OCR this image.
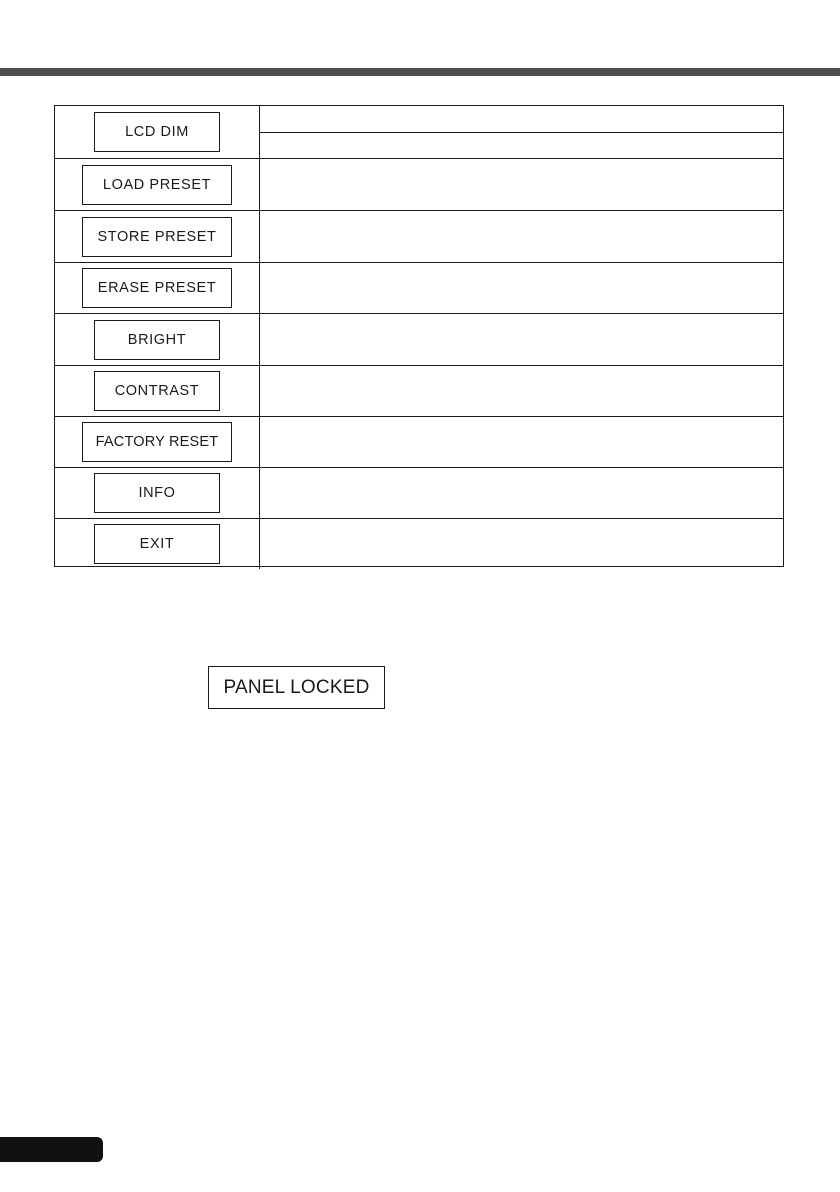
LCD DIM
LOAD PRESET
STORE PRESET
ERASE PRESET
BRIGHT
CONTRAST
FACTORY RESET
INFO
EXIT
PANEL LOCKED
